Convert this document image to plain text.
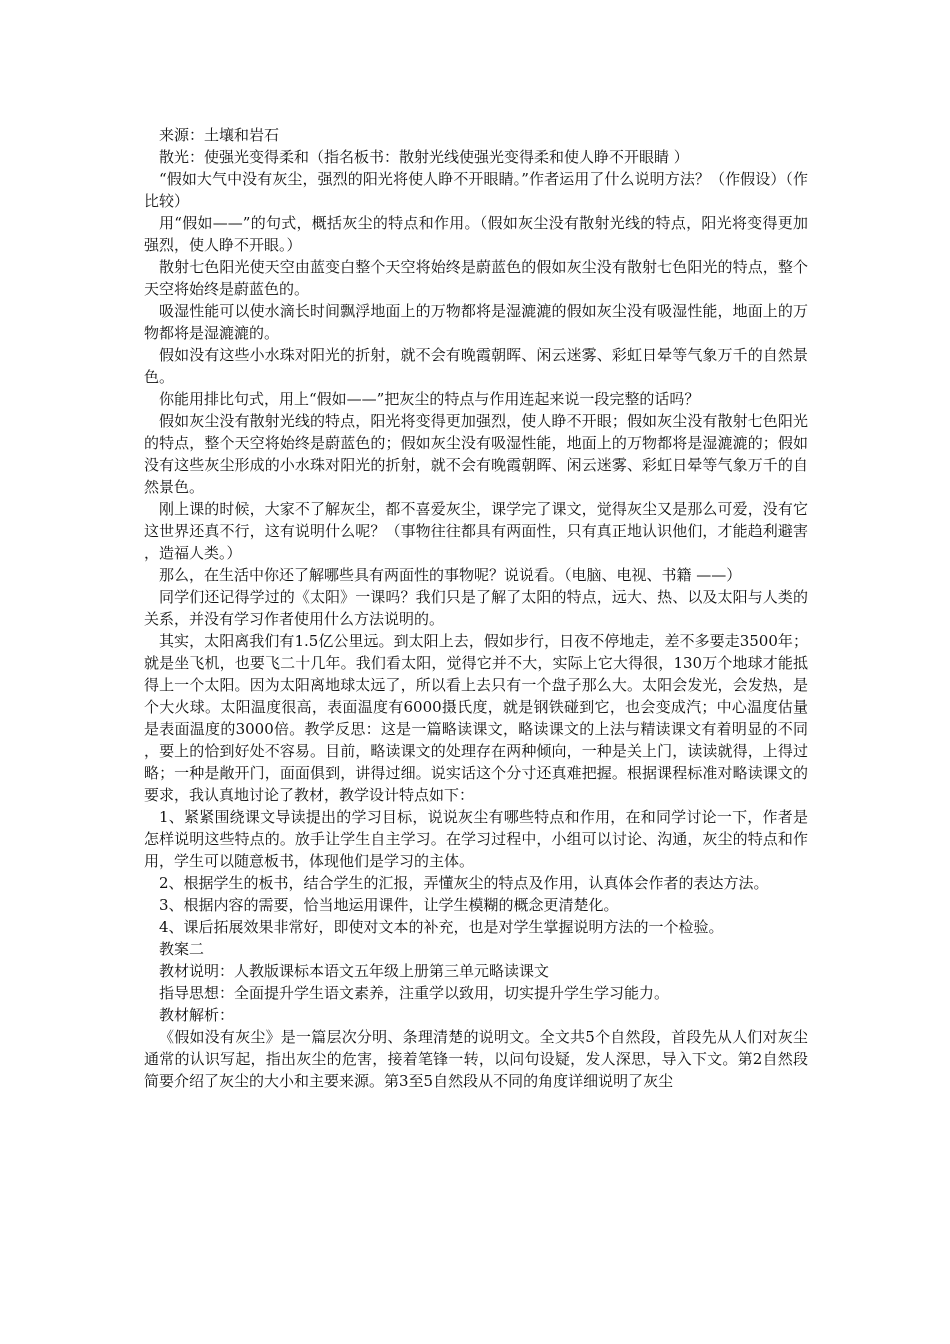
来源：土壤和岩石

散光：使强光变得柔和（指名板书：散射光线使强光变得柔和使人睁不开眼睛 ）

“假如大气中没有灰尘，强烈的阳光将使人睁不开眼睛。”作者运用了什么说明方法？（作假设）（作比较）

用“假如——”的句式，概括灰尘的特点和作用。（假如灰尘没有散射光线的特点，阳光将变得更加强烈，使人睁不开眼。）

散射七色阳光使天空由蓝变白整个天空将始终是蔚蓝色的假如灰尘没有散射七色阳光的特点，整个天空将始终是蔚蓝色的。

吸湿性能可以使水滴长时间飘浮地面上的万物都将是湿漉漉的假如灰尘没有吸湿性能，地面上的万物都将是湿漉漉的。

假如没有这些小水珠对阳光的折射，就不会有晚霞朝晖、闲云迷雾、彩虹日晕等气象万千的自然景色。

你能用排比句式，用上“假如——”把灰尘的特点与作用连起来说一段完整的话吗？

假如灰尘没有散射光线的特点，阳光将变得更加强烈，使人睁不开眼；假如灰尘没有散射七色阳光的特点，整个天空将始终是蔚蓝色的；假如灰尘没有吸湿性能，地面上的万物都将是湿漉漉的；假如没有这些灰尘形成的小水珠对阳光的折射，就不会有晚霞朝晖、闲云迷雾、彩虹日晕等气象万千的自然景色。

刚上课的时候，大家不了解灰尘，都不喜爱灰尘，课学完了课文，觉得灰尘又是那么可爱，没有它这世界还真不行，这有说明什么呢？（事物往往都具有两面性，只有真正地认识他们，才能趋利避害，造福人类。）

那么，在生活中你还了解哪些具有两面性的事物呢？说说看。（电脑、电视、书籍 ——）

同学们还记得学过的《太阳》一课吗？我们只是了解了太阳的特点，远大、热、以及太阳与人类的关系，并没有学习作者使用什么方法说明的。

其实，太阳离我们有1.5亿公里远。到太阳上去，假如步行，日夜不停地走，差不多要走3500年；就是坐飞机，也要飞二十几年。我们看太阳，觉得它并不大，实际上它大得很，130万个地球才能抵得上一个太阳。因为太阳离地球太远了，所以看上去只有一个盘子那么大。太阳会发光，会发热，是个大火球。太阳温度很高，表面温度有6000摄氏度，就是钢铁碰到它，也会变成汽；中心温度估量是表面温度的3000倍。教学反思：这是一篇略读课文，略读课文的上法与精读课文有着明显的不同，要上的恰到好处不容易。目前，略读课文的处理存在两种倾向，一种是关上门，读读就得，上得过略；一种是敞开门，面面俱到，讲得过细。说实话这个分寸还真难把握。根据课程标准对略读课文的要求，我认真地讨论了教材，教学设计特点如下：

1、紧紧围绕课文导读提出的学习目标，说说灰尘有哪些特点和作用，在和同学讨论一下，作者是怎样说明这些特点的。放手让学生自主学习。在学习过程中，小组可以讨论、沟通，灰尘的特点和作用，学生可以随意板书，体现他们是学习的主体。

2、根据学生的板书，结合学生的汇报，弄懂灰尘的特点及作用，认真体会作者的表达方法。

3、根据内容的需要，恰当地运用课件，让学生模糊的概念更清楚化。

4、课后拓展效果非常好，即使对文本的补充，也是对学生掌握说明方法的一个检验。

教案二

教材说明：人教版课标本语文五年级上册第三单元略读课文

指导思想：全面提升学生语文素养，注重学以致用，切实提升学生学习能力。

教材解析：

《假如没有灰尘》是一篇层次分明、条理清楚的说明文。全文共5个自然段，首段先从人们对灰尘通常的认识写起，指出灰尘的危害，接着笔锋一转，以问句设疑，发人深思，导入下文。第2自然段简要介绍了灰尘的大小和主要来源。第3至5自然段从不同的角度详细说明了灰尘
